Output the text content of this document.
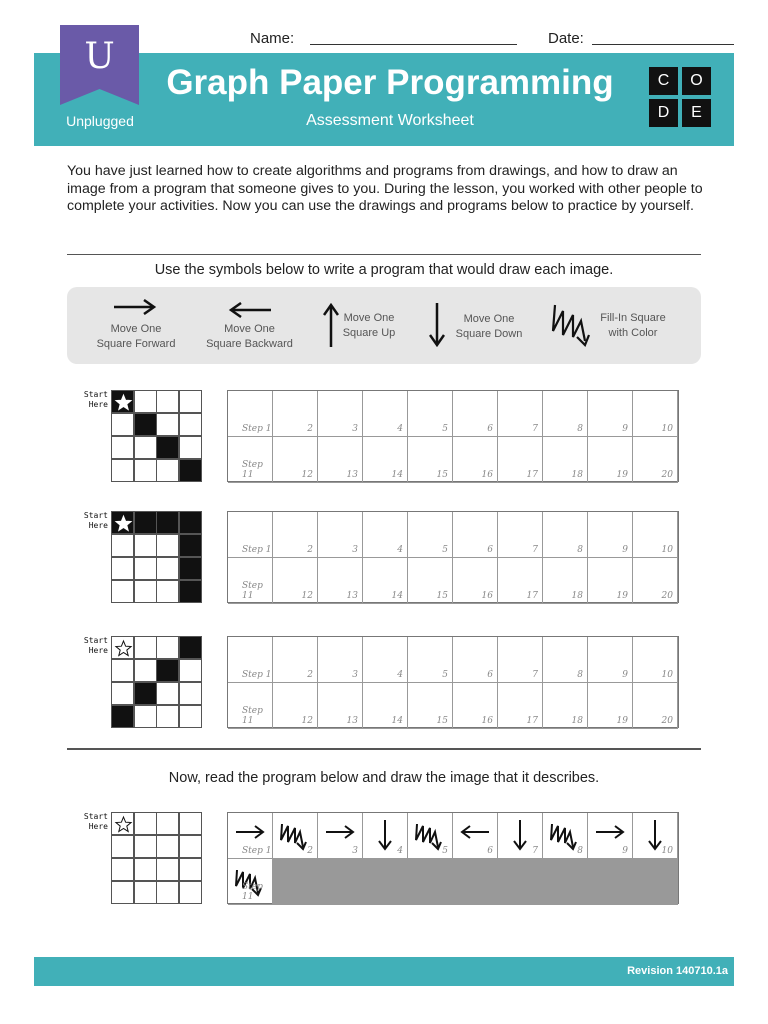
Name:	Date:
U
Unplugged
Graph Paper Programming
Assessment Worksheet
C	O
D	E

You have just learned how to create algorithms and programs from drawings, and how to draw an image from a program that someone gives to you. During the lesson, you worked with other people to complete your activities. Now you can use the drawings and programs below to practice by yourself.

Use the symbols below to write a program that would draw each image.
Move One
Square Forward
Move One
Square Backward
Move One
Square Up
Move One
Square Down
Fill-In Square
with Color
Start
Here
Step 1	2	3	4	5	6	7	8	9	10
Step 11	12	13	14	15	16	17	18	19	20
Start
Here
Step 1	2	3	4	5	6	7	8	9	10
Step 11	12	13	14	15	16	17	18	19	20
Start
Here
Step 1	2	3	4	5	6	7	8	9	10
Step 11	12	13	14	15	16	17	18	19	20
Now, read the program below and draw the image that it describes.
Start
Here
Step 1	2	3	4	5	6	7	8	9	10
Step 11
Revision 140710.1a
